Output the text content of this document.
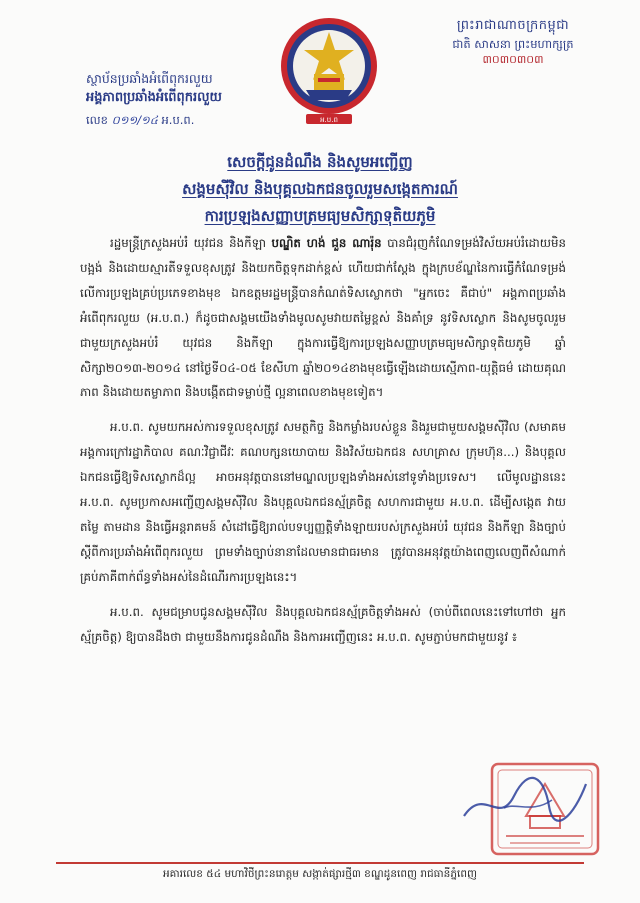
អ.ប.ព
ព្រះរាជាណាចក្រកម្ពុជា
ជាតិ សាសនា ព្រះមហាក្សត្រ
៣០៣០៣០៣
ស្ថាប័នប្រឆាំងអំពើពុករលួយ
អង្គភាពប្រឆាំងអំពើពុករលួយ
លេខ ០១១/១៤ អ.ប.ព.
សេចក្តីជូនដំណឹង និងសូមអញ្ជើញ
សង្គមស៊ីវិល និងបុគ្គលឯកជនចូលរួមសង្កេតការណ៍
ការប្រឡងសញ្ញាបត្រមធ្យមសិក្សាទុតិយភូមិ

រដ្ឋមន្ត្រីក្រសួងអប់រំ យុវជន និងកីឡា បណ្ឌិត ហង់ ជួន ណារ៉ុន បានជំរុញកំណែទម្រង់វិស័យអប់រំដោយមិនបង្អង់ និងដោយស្មារតីទទួលខុសត្រូវ និងយកចិត្តទុកដាក់ខ្ពស់ ហើយជាក់ស្តែង ក្នុងក្របខ័ណ្ឌនៃការធ្វើកំណែទម្រង់លើការប្រឡងគ្រប់ប្រភេទខាងមុខ ឯកឧត្តមរដ្ឋមន្ត្រីបានកំណត់ទិសស្លោកថា "អ្នកចេះ គឺជាប់" អង្គភាពប្រឆាំងអំពើពុករលួយ (អ.ប.ព.) ក៏ដូចជាសង្គមយើងទាំងមូលសូមវាយតម្លៃខ្ពស់ និងគាំទ្រ នូវទិសស្លោក និងសូមចូលរួមជាមួយក្រសួងអប់រំ យុវជន និងកីឡា ក្នុងការធ្វើឱ្យការប្រឡងសញ្ញាបត្រមធ្យមសិក្សាទុតិយភូមិ ឆ្នាំសិក្សា២០១៣-២០១៤ នៅថ្ងៃទី០៤-០៥ ខែសីហា ឆ្នាំ២០១៤ខាងមុខធ្វើឡើងដោយស្មើភាព-យុត្តិធម៌ ដោយគុណភាព និងដោយតម្លាភាព និងបង្កើតជាទម្លាប់ថ្មី ល្អនាពេលខាងមុខទៀត។

អ.ប.ព. សូមយកអស់ការទទួលខុសត្រូវ សមត្ថកិច្ច និងកម្លាំងរបស់ខ្លួន និងរួមជាមួយសង្គមស៊ីវិល (សមាគម អង្គការក្រៅរដ្ឋាភិបាល គណៈវិជ្ជាជីវៈ គណបក្សនយោបាយ និងវិស័យឯកជន សហគ្រាស ក្រុមហ៊ុន...) និងបុគ្គលឯកជនធ្វើឱ្យទិសស្លោកដ៏ល្អ អាចអនុវត្តបាននៅមណ្ឌលប្រឡងទាំងអស់នៅទូទាំងប្រទេស។ លើមូលដ្ឋាននេះ អ.ប.ព. សូមប្រកាសអញ្ជើញសង្គមស៊ីវិល និងបុគ្គលឯកជនស្ម័គ្រចិត្ត សហការជាមួយ អ.ប.ព. ដើម្បីសង្កេត វាយតម្លៃ តាមដាន និងធ្វើអន្តរាគមន៍ សំដៅធ្វើឱ្យរាល់បទប្បញ្ញត្តិទាំងឡាយរបស់ក្រសួងអប់រំ យុវជន និងកីឡា និងច្បាប់ស្តីពីការប្រឆាំងអំពើពុករលួយ ព្រមទាំងច្បាប់នានាដែលមានជាធរមាន ត្រូវបានអនុវត្តយ៉ាងពេញលេញពីសំណាក់គ្រប់ភាគីពាក់ព័ន្ធទាំងអស់នៃដំណើរការប្រឡងនេះ។

អ.ប.ព. សូមជម្រាបជូនសង្គមស៊ីវិល និងបុគ្គលឯកជនស្ម័គ្រចិត្តទាំងអស់ (ចាប់ពីពេលនេះទៅហៅថា អ្នកស្ម័គ្រចិត្ត) ឱ្យបានដឹងថា ជាមួយនឹងការជូនដំណឹង និងការអញ្ជើញនេះ អ.ប.ព. សូមភ្ជាប់មកជាមួយនូវ ៖

អគារលេខ ៥៤ មហាវិថីព្រះនរោត្តម សង្កាត់ផ្សារថ្មី៣ ខណ្ឌដូនពេញ រាជធានីភ្នំពេញ
